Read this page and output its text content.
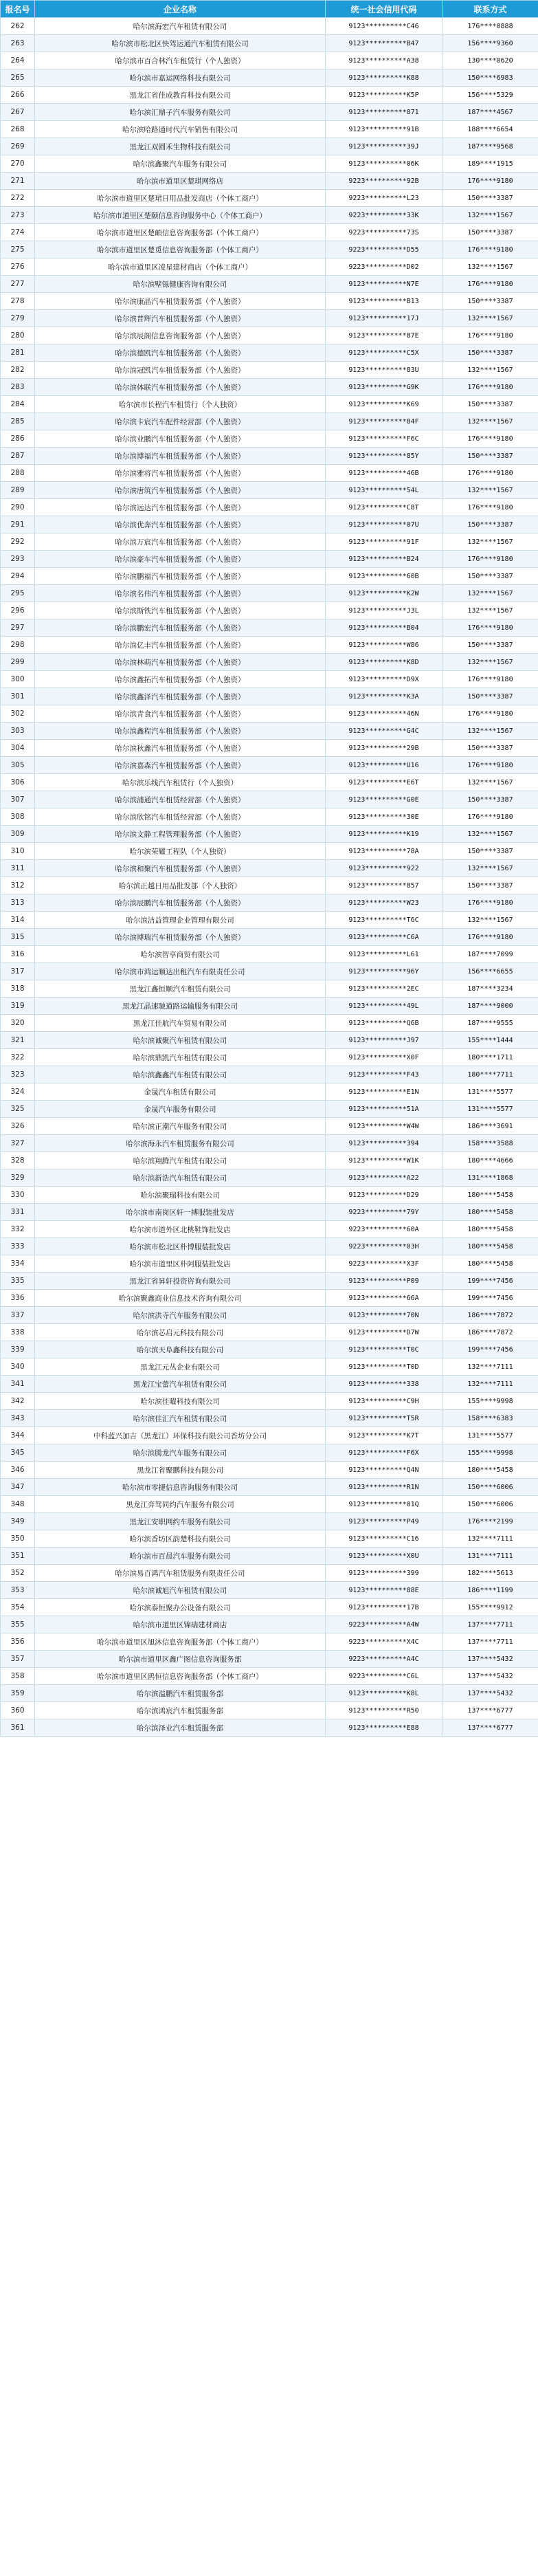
报名号	企业名称	统一社会信用代码	联系方式
262	哈尔滨海宏汽车租赁有限公司	9123**********C46	176****0888
263	哈尔滨市松北区快驾运通汽车租赁有限公司	9123**********B47	156****9360
264	哈尔滨市百合林汽车租赁行（个人独资）	9123**********A38	130****0620
265	哈尔滨市嘉运网络科技有限公司	9123**********K88	150****6983
266	黑龙江省佳成教育科技有限公司	9123**********K5P	156****5329
267	哈尔滨汇鼎子汽车服务有限公司	9123**********871	187****4567
268	哈尔滨哈路通时代汽车销售有限公司	9123**********91B	188****6654
269	黑龙江双圆禾生物科技有限公司	9123**********39J	187****9568
270	哈尔滨鑫聚汽车服务有限公司	9123**********06K	189****1915
271	哈尔滨市道里区楚琪网络店	9223**********92B	176****9180
272	哈尔滨市道里区楚珺日用品批发商店（个体工商户）	9223**********L23	150****3387
273	哈尔滨市道里区楚颐信息咨询服务中心（个体工商户）	9223**********33K	132****1567
274	哈尔滨市道里区楚頔信息咨询服务部（个体工商户）	9223**********73S	150****3387
275	哈尔滨市道里区楚觅信息咨询服务部（个体工商户）	9223**********D55	176****9180
276	哈尔滨市道里区凌星建材商店（个体工商户）	9223**********D02	132****1567
277	哈尔滨壁铄健康咨询有限公司	9123**********N7E	176****9180
278	哈尔滨康晶汽车租赁服务部（个人独资）	9123**********B13	150****3387
279	哈尔滨普辉汽车租赁服务部（个人独资）	9123**********17J	132****1567
280	哈尔滨辰阁信息咨询服务部（个人独资）	9123**********87E	176****9180
281	哈尔滨德凯汽车租赁服务部（个人独资）	9123**********C5X	150****3387
282	哈尔滨冠凯汽车租赁服务部（个人独资）	9123**********83U	132****1567
283	哈尔滨体联汽车租赁服务部（个人独资）	9123**********G9K	176****9180
284	哈尔滨市长程汽车租赁行（个人独资）	9123**********K69	150****3387
285	哈尔滨卡宸汽车配件经营部（个人独资）	9123**********84F	132****1567
286	哈尔滨业鹏汽车租赁服务部（个人独资）	9123**********F6C	176****9180
287	哈尔滨博福汽车租赁服务部（个人独资）	9123**********85Y	150****3387
288	哈尔滨雅将汽车租赁服务部（个人独资）	9123**********46B	176****9180
289	哈尔滨唐筑汽车租赁服务部（个人独资）	9123**********54L	132****1567
290	哈尔滨远达汽车租赁服务部（个人独资）	9123**********C8T	176****9180
291	哈尔滨优奔汽车租赁服务部（个人独资）	9123**********07U	150****3387
292	哈尔滨万宸汽车租赁服务部（个人独资）	9123**********91F	132****1567
293	哈尔滨豪车汽车租赁服务部（个人独资）	9123**********B24	176****9180
294	哈尔滨鹏福汽车租赁服务部（个人独资）	9123**********60B	150****3387
295	哈尔滨名伟汽车租赁服务部（个人独资）	9123**********K2W	132****1567
296	哈尔滨斯铁汽车租赁服务部（个人独资）	9123**********J3L	132****1567
297	哈尔滨鹏宏汽车租赁服务部（个人独资）	9123**********B04	176****9180
298	哈尔滨亿丰汽车租赁服务部（个人独资）	9123**********W86	150****3387
299	哈尔滨林萌汽车租赁服务部（个人独资）	9123**********K8D	132****1567
300	哈尔滨鑫拓汽车租赁服务部（个人独资）	9123**********D9X	176****9180
301	哈尔滨鑫泽汽车租赁服务部（个人独资）	9123**********K3A	150****3387
302	哈尔滨青食汽车租赁服务部（个人独资）	9123**********46N	176****9180
303	哈尔滨鑫程汽车租赁服务部（个人独资）	9123**********G4C	132****1567
304	哈尔滨秋鑫汽车租赁服务部（个人独资）	9123**********29B	150****3387
305	哈尔滨嘉森汽车租赁服务部（个人独资）	9123**********U16	176****9180
306	哈尔滨乐线汽车租赁行（个人独资）	9123**********E6T	132****1567
307	哈尔滨浦通汽车租赁经营部（个人独资）	9123**********G0E	150****3387
308	哈尔滨欣铭汽车租赁经营部（个人独资）	9123**********30E	176****9180
309	哈尔滨文静工程管理服务部（个人独资）	9123**********K19	132****1567
310	哈尔滨荣耀工程队（个人独资）	9123**********78A	150****3387
311	哈尔滨和聚汽车租赁服务部（个人独资）	9123**********922	132****1567
312	哈尔滨正越日用品批发部（个人独资）	9123**********857	150****3387
313	哈尔滨辰鹏汽车租赁服务部（个人独资）	9123**********W23	176****9180
314	哈尔滨洁益管理企业管理有限公司	9123**********T6C	132****1567
315	哈尔滨博瑞汽车租赁服务部（个人独资）	9123**********C6A	176****9180
316	哈尔滨智享商贸有限公司	9123**********L61	187****7099
317	哈尔滨市鸿运顺达出租汽车有限责任公司	9123**********96Y	156****6655
318	黑龙江鑫恒顺汽车租赁有限公司	9123**********2EC	187****3234
319	黑龙江晶速驰道路运输服务有限公司	9123**********49L	187****9000
320	黑龙江佳航汽车贸易有限公司	9123**********Q6B	187****9555
321	哈尔滨诚聚汽车租赁有限公司	9123**********J97	155****1444
322	哈尔滨鼎凯汽车租赁有限公司	9123**********X0F	180****1711
323	哈尔滨鑫鑫汽车租赁有限公司	9123**********F43	180****7711
324	金晟汽车租赁有限公司	9123**********E1N	131****5577
325	金晟汽车服务有限公司	9123**********51A	131****5577
326	哈尔滨正潮汽车服务有限公司	9123**********W4W	186****3691
327	哈尔滨海永汽车租赁服务有限公司	9123**********394	158****3588
328	哈尔滨翔腾汽车租赁有限公司	9123**********W1K	180****4666
329	哈尔滨新浩汽车租赁有限公司	9123**********A22	131****1868
330	哈尔滨聚瑞科技有限公司	9123**********D29	180****5458
331	哈尔滨市南岗区轩一搏服装批发店	9223**********79Y	180****5458
332	哈尔滨市道外区北桃鞋饰批发店	9223**********60A	180****5458
333	哈尔滨市松北区朴博服装批发店	9223**********03H	180****5458
334	哈尔滨市道里区朴阿服装批发店	9223**********X3F	180****5458
335	黑龙江省昇轩投资咨询有限公司	9123**********P09	199****7456
336	哈尔滨聚鑫商业信息技术咨询有限公司	9123**********66A	199****7456
337	哈尔滨洪寺汽车服务有限公司	9123**********70N	186****7872
338	哈尔滨芯启元科技有限公司	9123**********D7W	186****7872
339	哈尔滨天阜鑫科技有限公司	9123**********T0C	199****7456
340	黑龙江元丛企业有限公司	9123**********T0D	132****7111
341	黑龙江宝蕾汽车租赁有限公司	9123**********338	132****7111
342	哈尔滨佳曜科技有限公司	9123**********C9H	155****9998
343	哈尔滨佳汇汽车租赁有限公司	9123**********T5R	158****6383
344	中科蓝兴加吉（黑龙江）环保科技有限公司香坊分公司	9123**********K7T	131****5577
345	哈尔滨腾龙汽车服务有限公司	9123**********F6X	155****9998
346	黑龙江省聚鹏科技有限公司	9123**********Q4N	180****5458
347	哈尔滨市零捷信息咨询服务有限公司	9123**********R1N	150****6006
348	黑龙江弈驾同约汽车服务有限公司	9123**********01Q	150****6006
349	黑龙江安职网约车服务有限公司	9123**********P49	176****2199
350	哈尔滨香坊区韵楚科技有限公司	9123**********C16	132****7111
351	哈尔滨市百晨汽车服务有限公司	9123**********X0U	131****7111
352	哈尔滨易百鸿汽车租赁服务有限责任公司	9123**********399	182****5613
353	哈尔滨诚旭汽车租赁有限公司	9123**********88E	186****1199
354	哈尔滨泰恒聚办公设备有限公司	9123**********17B	155****9912
355	哈尔滨市道里区锦瑞建材商店	9223**********A4W	137****7711
356	哈尔滨市道里区旭沐信息咨询服务部（个体工商户）	9223**********X4C	137****7711
357	哈尔滨市道里区鑫广图信息咨询服务部	9223**********A4C	137****5432
358	哈尔滨市道里区鸥恒信息咨询服务部（个体工商户）	9223**********C6L	137****5432
359	哈尔滨溢鹏汽车租赁服务部	9123**********K8L	137****5432
360	哈尔滨鸿宸汽车租赁服务部	9123**********R50	137****6777
361	哈尔滨泽业汽车租赁服务部	9123**********E88	137****6777
